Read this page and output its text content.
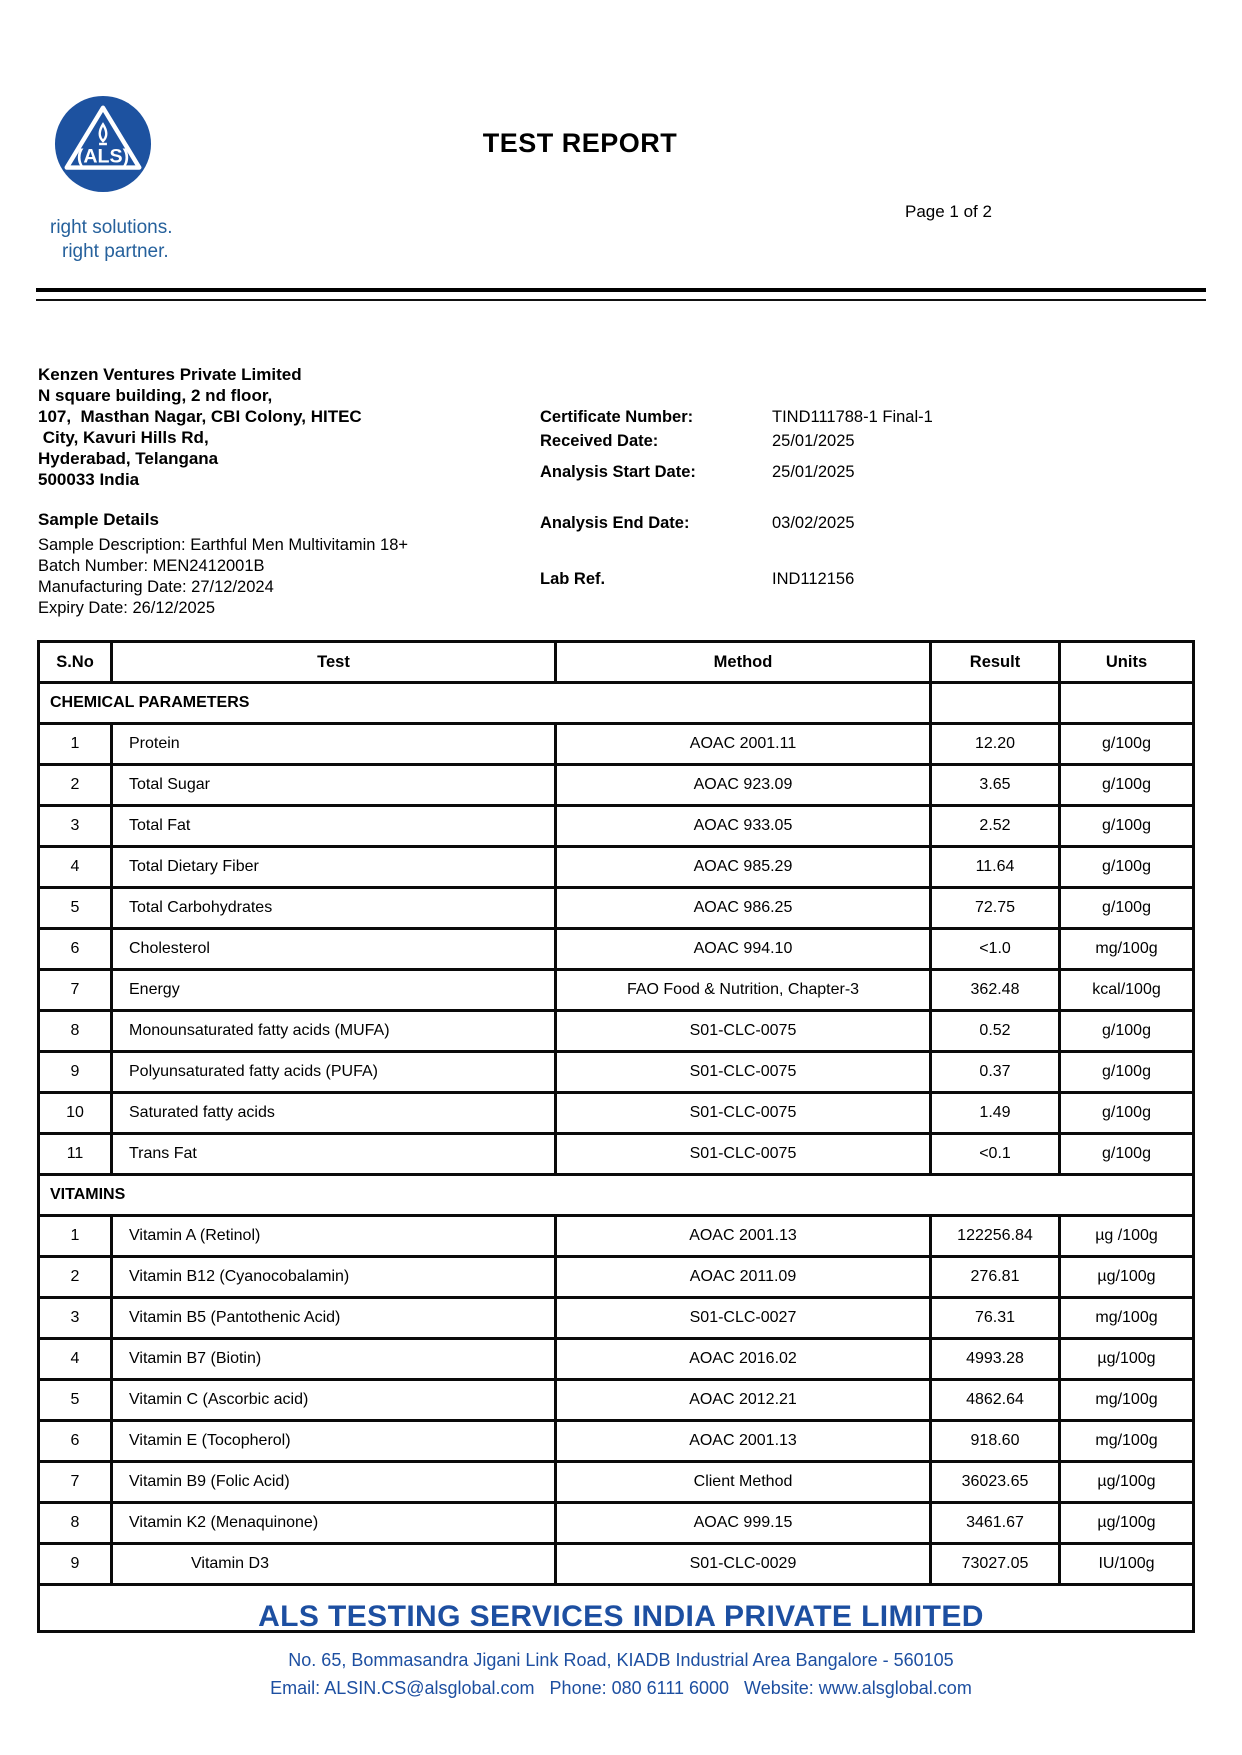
(ALS)
right solutions.
right partner.
TEST REPORT
Page 1 of 2
Kenzen Ventures Private Limited
N square building, 2 nd floor,
107,  Masthan Nagar, CBI Colony, HITEC
City, Kavuri Hills Rd,
Hyderabad, Telangana
500033 India
Certificate Number:	TIND111788-1 Final-1
Received Date:	25/01/2025
Analysis Start Date:	25/01/2025
Analysis End Date:	03/02/2025
Lab Ref.	IND112156
Sample Details
Sample Description: Earthful Men Multivitamin 18+
Batch Number: MEN2412001B
Manufacturing Date: 27/12/2024
Expiry Date: 26/12/2025
S.No	Test	Method	Result	Units
CHEMICAL PARAMETERS				
1	Protein	AOAC 2001.11	12.20	g/100g
2	Total Sugar	AOAC 923.09	3.65	g/100g
3	Total Fat	AOAC 933.05	2.52	g/100g
4	Total Dietary Fiber	AOAC 985.29	11.64	g/100g
5	Total Carbohydrates	AOAC 986.25	72.75	g/100g
6	Cholesterol	AOAC 994.10	<1.0	mg/100g
7	Energy	FAO Food & Nutrition, Chapter-3	362.48	kcal/100g
8	Monounsaturated fatty acids (MUFA)	S01-CLC-0075	0.52	g/100g
9	Polyunsaturated fatty acids (PUFA)	S01-CLC-0075	0.37	g/100g
10	Saturated fatty acids	S01-CLC-0075	1.49	g/100g
11	Trans Fat	S01-CLC-0075	<0.1	g/100g
VITAMINS				
1	Vitamin A (Retinol)	AOAC 2001.13	122256.84	µg /100g
2	Vitamin B12 (Cyanocobalamin)	AOAC 2011.09	276.81	µg/100g
3	Vitamin B5 (Pantothenic Acid)	S01-CLC-0027	76.31	mg/100g
4	Vitamin B7 (Biotin)	AOAC 2016.02	4993.28	µg/100g
5	Vitamin C (Ascorbic acid)	AOAC 2012.21	4862.64	mg/100g
6	Vitamin E (Tocopherol)	AOAC 2001.13	918.60	mg/100g
7	Vitamin B9 (Folic Acid)	Client Method	36023.65	µg/100g
8	Vitamin K2 (Menaquinone)	AOAC 999.15	3461.67	µg/100g
9	Vitamin D3	S01-CLC-0029	73027.05	IU/100g

ALS TESTING SERVICES INDIA PRIVATE LIMITED
No. 65, Bommasandra Jigani Link Road, KIADB Industrial Area Bangalore - 560105
Email: ALSIN.CS@alsglobal.com   Phone: 080 6111 6000   Website: www.alsglobal.com
